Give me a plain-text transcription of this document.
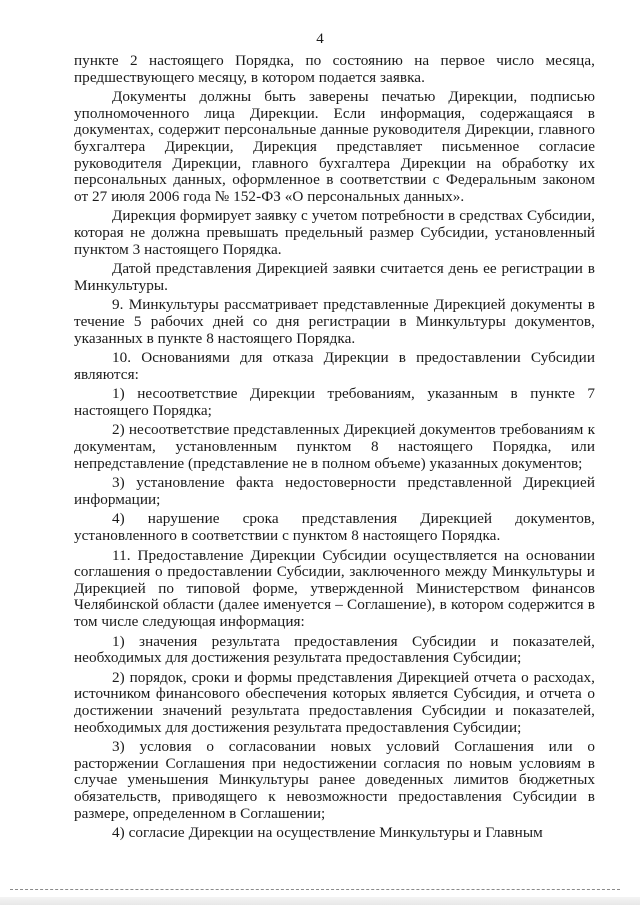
4

пункте 2 настоящего Порядка, по состоянию на первое число месяца, предшествующего месяцу, в котором подается заявка.

Документы должны быть заверены печатью Дирекции, подписью уполномоченного лица Дирекции. Если информация, содержащаяся в документах, содержит персональные данные руководителя Дирекции, главного бухгалтера Дирекции, Дирекция представляет письменное согласие руководителя Дирекции, главного бухгалтера Дирекции на обработку их персональных данных, оформленное в соответствии с Федеральным законом от 27 июля 2006 года № 152-ФЗ «О персональных данных».

Дирекция формирует заявку с учетом потребности в средствах Субсидии, которая не должна превышать предельный размер Субсидии, установленный пунктом 3 настоящего Порядка.

Датой представления Дирекцией заявки считается день ее регистрации в Минкультуры.

9. Минкультуры рассматривает представленные Дирекцией документы в течение 5 рабочих дней со дня регистрации в Минкультуры документов, указанных в пункте 8 настоящего Порядка.

10. Основаниями для отказа Дирекции в предоставлении Субсидии являются:

1) несоответствие Дирекции требованиям, указанным в пункте 7 настоящего Порядка;

2) несоответствие представленных Дирекцией документов требованиям к документам, установленным пунктом 8 настоящего Порядка, или непредставление (представление не в полном объеме) указанных документов;

3) установление факта недостоверности представленной Дирекцией информации;

4) нарушение срока представления Дирекцией документов, установленного в соответствии с пунктом 8 настоящего Порядка.

11. Предоставление Дирекции Субсидии осуществляется на основании соглашения о предоставлении Субсидии, заключенного между Минкультуры и Дирекцией по типовой форме, утвержденной Министерством финансов Челябинской области (далее именуется – Соглашение), в котором содержится в том числе следующая информация:

1) значения результата предоставления Субсидии и показателей, необходимых для достижения результата предоставления Субсидии;

2) порядок, сроки и формы представления Дирекцией отчета о расходах, источником финансового обеспечения которых является Субсидия, и отчета о достижении значений результата предоставления Субсидии и показателей, необходимых для достижения результата предоставления Субсидии;

3) условия о согласовании новых условий Соглашения или о расторжении Соглашения при недостижении согласия по новым условиям в случае уменьшения Минкультуры ранее доведенных лимитов бюджетных обязательств, приводящего к невозможности предоставления Субсидии в размере, определенном в Соглашении;

4) согласие Дирекции на осуществление Минкультуры и Главным
